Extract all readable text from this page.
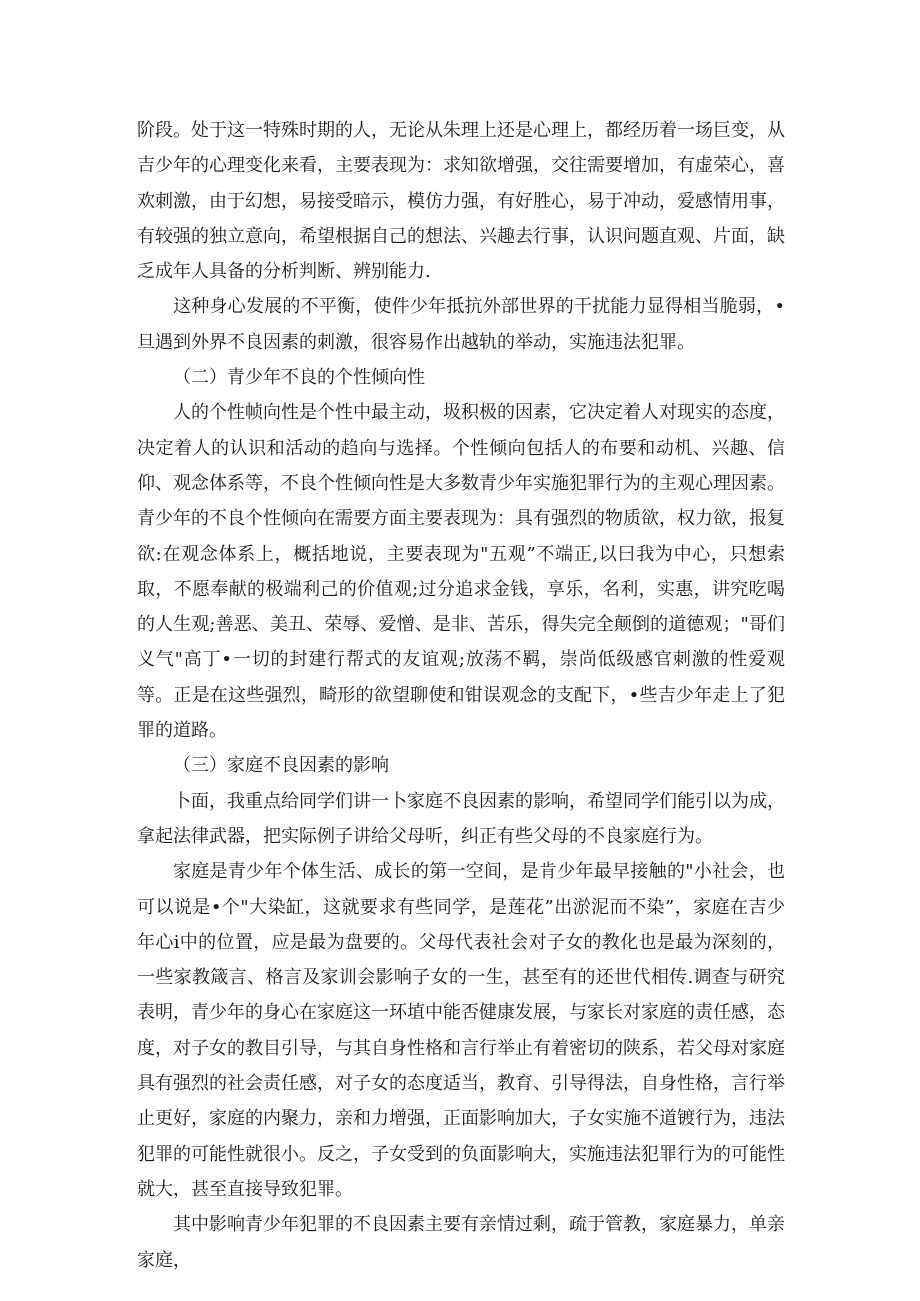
阶段。处于这一特殊时期的人，无论从朱理上还是心理上，都经历着一场巨变，从吉少年的心理变化来看，主要表现为：求知欲增强，交往需要增加，有虚荣心，喜欢刺激，由于幻想，易接受暗示，模仿力强，有好胜心，易于冲动，爱感情用事，有较强的独立意向，希望根据自己的想法、兴趣去行事，认识问题直观、片面，缺乏成年人具备的分析判断、辨别能力.

这种身心发展的不平衡，使件少年抵抗外部世界的干扰能力显得相当脆弱，•旦遇到外界不良因素的刺激，很容易作出越轨的举动，实施违法犯罪。

（二）青少年不良的个性倾向性

人的个性帧向性是个性中最主动，圾积极的因素，它决定着人对现实的态度，决定着人的认识和活动的趋向与选择。个性倾向包括人的布要和动机、兴趣、信仰、观念体系等，不良个性倾向性是大多数青少年实施犯罪行为的主观心理因素。青少年的不良个性倾向在需要方面主要表现为：具有强烈的物质欲，权力欲，报复欲:在观念体系上，概括地说，主要表现为"五观”不端正,以曰我为中心，只想索取，不愿奉献的极端利己的价值观;过分追求金钱，享乐，名利，实惠，讲究吃喝的人生观;善恶、美丑、荣辱、爱憎、是非、苦乐，得失完全颠倒的道德观；"哥们义气"高丁•一切的封建行帮式的友谊观;放荡不羁，崇尚低级感官刺激的性爱观等。正是在这些强烈，畸形的欲望聊使和钳误观念的支配下，•些吉少年走上了犯罪的道路。

（三）家庭不良因素的影响

卜面，我重点给同学们讲一卜家庭不良因素的影响，希望同学们能引以为成，拿起法律武器，把实际例子讲给父母听，纠正有些父母的不良家庭行为。

家庭是青少年个体生活、成长的第一空间，是肯少年最早接触的"小社会，也可以说是•个"大染缸，这就要求有些同学，是莲花”出淤泥而不染”，家庭在吉少年心i中的位置，应是最为盘要的。父母代表社会对子女的教化也是最为深刻的，一些家教箴言、格言及家训会影响子女的一生，甚至有的还世代相传.调查与研究表明，青少年的身心在家庭这一环埴中能否健康发展，与家长对家庭的责任感，态度，对子女的教目引导，与其自身性格和言行举止有着密切的陕系，若父母对家庭具有强烈的社会责任感，对子女的态度适当，教育、引导得法，自身性格，言行举止更好，家庭的内聚力，亲和力增强，正面影响加大，子女实施不道镀行为，违法犯罪的可能性就很小。反之，子女受到的负面影响大，实施违法犯罪行为的可能性就大，甚至直接导致犯罪。

其中影响青少年犯罪的不良因素主要有亲情过剩，疏于管教，家庭暴力，单亲家庭，
